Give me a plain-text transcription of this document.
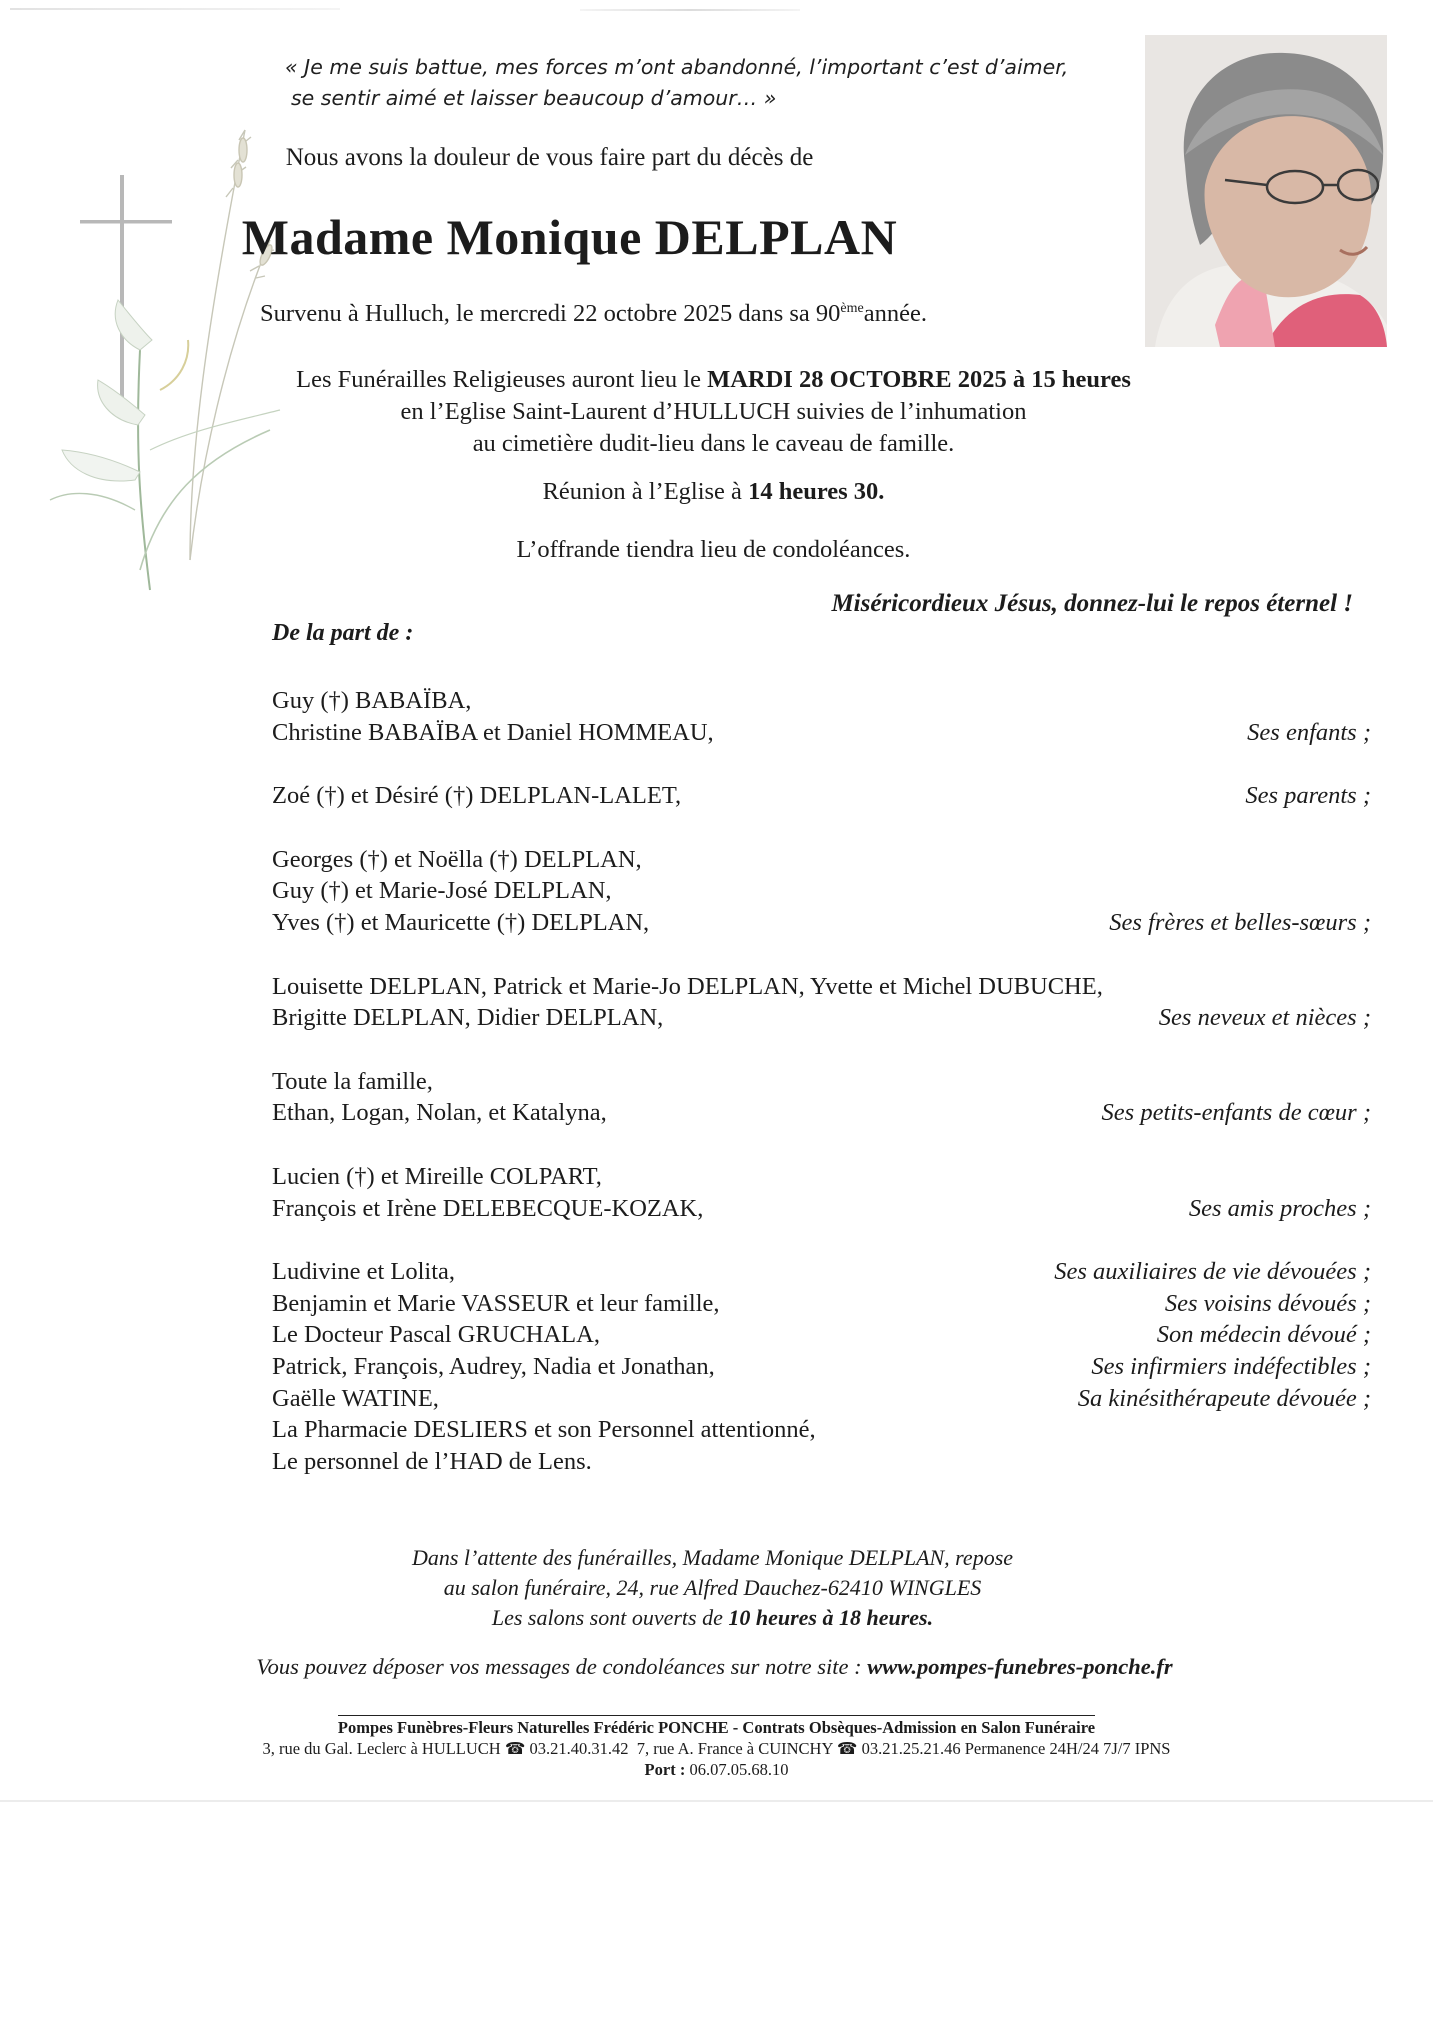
« Je me suis battue, mes forces m’ont abandonné, l’important c’est d’aimer,
se sentir aimé et laisser beaucoup d’amour… »
Nous avons la douleur de vous faire part du décès de
Madame Monique DELPLAN
Survenu à Hulluch, le mercredi 22 octobre 2025 dans sa 90èmeannée.
Les Funérailles Religieuses auront lieu le MARDI 28 OCTOBRE 2025 à 15 heures
en l’Eglise Saint-Laurent d’HULLUCH suivies de l’inhumation
au cimetière dudit-lieu dans le caveau de famille.
Réunion à l’Eglise à 14 heures 30.
L’offrande tiendra lieu de condoléances.
Miséricordieux Jésus, donnez-lui le repos éternel !
De la part de :
Guy (†) BABAÏBA,
Christine BABAÏBA et Daniel HOMMEAU,	Ses enfants ;
Zoé (†) et Désiré (†) DELPLAN-LALET,	Ses parents ;
Georges (†) et Noëlla (†) DELPLAN,
Guy (†) et Marie-José DELPLAN,
Yves (†) et Mauricette (†) DELPLAN,	Ses frères et belles-sœurs ;
Louisette DELPLAN, Patrick et Marie-Jo DELPLAN, Yvette et Michel DUBUCHE,
Brigitte DELPLAN, Didier DELPLAN,	Ses neveux et nièces ;
Toute la famille,
Ethan, Logan, Nolan, et Katalyna,	Ses petits-enfants de cœur ;
Lucien (†) et Mireille COLPART,
François et Irène DELEBECQUE-KOZAK,	Ses amis proches ;
Ludivine et Lolita,	Ses auxiliaires de vie dévouées ;
Benjamin et Marie VASSEUR et leur famille,	Ses voisins dévoués ;
Le Docteur Pascal GRUCHALA,	Son médecin dévoué ;
Patrick, François, Audrey, Nadia et Jonathan,	Ses infirmiers indéfectibles ;
Gaëlle WATINE,	Sa kinésithérapeute dévouée ;
La Pharmacie DESLIERS et son Personnel attentionné,
Le personnel de l’HAD de Lens.
Dans l’attente des funérailles, Madame Monique DELPLAN, repose
au salon funéraire, 24, rue Alfred Dauchez-62410 WINGLES
Les salons sont ouverts de 10 heures à 18 heures.
Vous pouvez déposer vos messages de condoléances sur notre site : www.pompes-funebres-ponche.fr
Pompes Funèbres-Fleurs Naturelles Frédéric PONCHE - Contrats Obsèques-Admission en Salon Funéraire
3, rue du Gal. Leclerc à HULLUCH ☎ 03.21.40.31.42 7, rue A. France à CUINCHY ☎ 03.21.25.21.46 Permanence 24H/24 7J/7 IPNS
Port : 06.07.05.68.10
